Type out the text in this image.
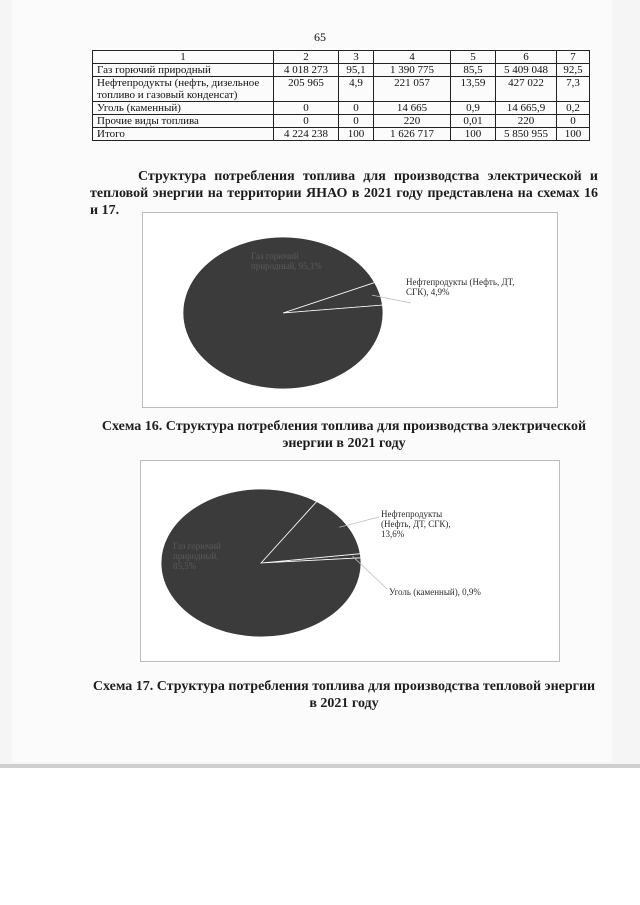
65
1	2	3	4	5	6	7
Газ горючий природный	4 018 273	95,1	1 390 775	85,5	5 409 048	92,5
Нефтепродукты (нефть, дизельное топливо и газовый конденсат)	205 965	4,9	221 057	13,59	427 022	7,3
Уголь (каменный)	0	0	14 665	0,9	14 665,9	0,2
Прочие виды топлива	0	0	220	0,01	220	0
Итого	4 224 238	100	1 626 717	100	5 850 955	100
Структура потребления топлива для производства электрической и тепловой энергии на территории ЯНАО в 2021 году представлена на схемах 16 и 17.
Газ горючий природный, 95,1%
Нефтепродукты (Нефть, ДТ, СГК), 4,9%
Схема 16. Структура потребления топлива для производства электрической энергии в 2021 году
Газ горючий природный, 85,5%
Нефтепродукты (Нефть, ДТ, СГК), 13,6%
Уголь (каменный), 0,9%
Схема 17. Структура потребления топлива для производства тепловой энергии в 2021 году
